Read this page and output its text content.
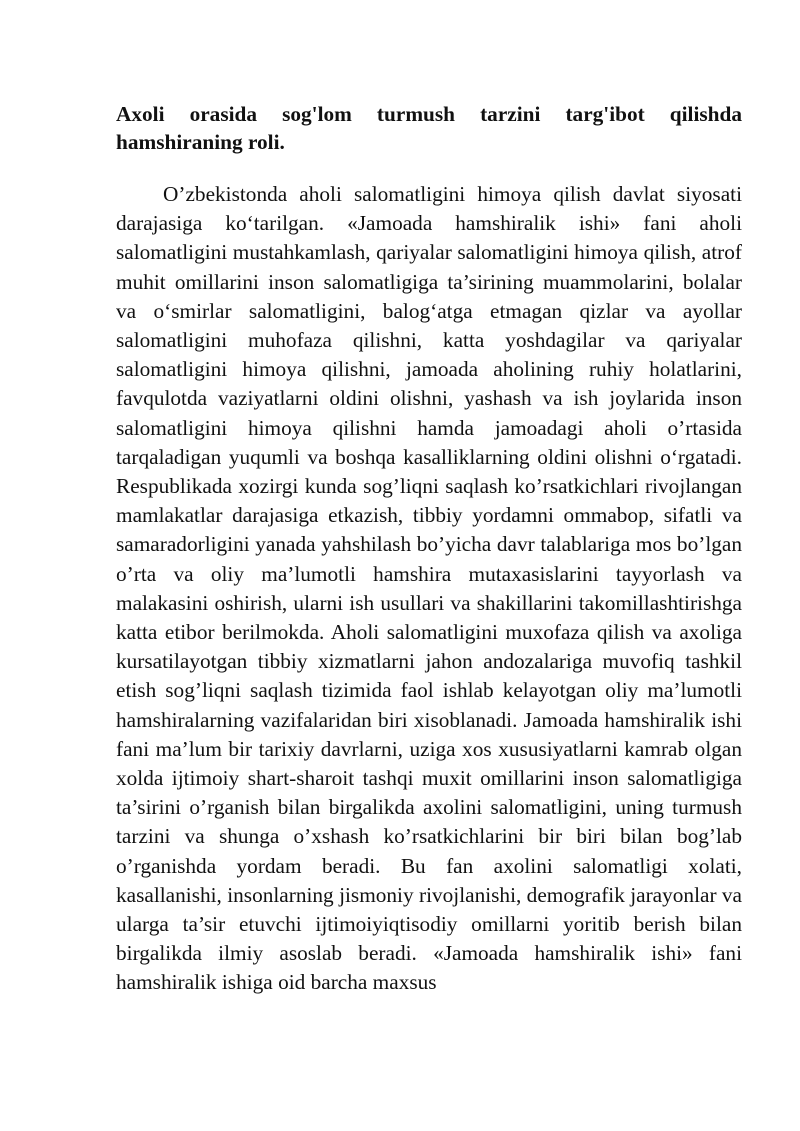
Axoli orasida sog'lom turmush tarzini targ'ibot qilishda hamshiraning roli.

O’zbekistonda aholi salomatligini himoya qilish davlat siyosati darajasiga ko‘tarilgan. «Jamoada hamshiralik ishi» fani aholi salomatligini mustahkamlash, qariyalar salomatligini himoya qilish, atrof muhit omillarini inson salomatligiga ta’sirining muammolarini, bolalar va o‘smirlar salomatligini, balog‘atga etmagan qizlar va ayollar salomatligini muhofaza qilishni, katta yoshdagilar va qariyalar salomatligini himoya qilishni, jamoada aholining ruhiy holatlarini, favqulotda vaziyatlarni oldini olishni, yashash va ish joylarida inson salomatligini himoya qilishni hamda jamoadagi aholi o’rtasida tarqaladigan yuqumli va boshqa kasalliklarning oldini olishni o‘rgatadi. Respublikada xozirgi kunda sog’liqni saqlash ko’rsatkichlari rivojlangan mamlakatlar darajasiga etkazish, tibbiy yordamni ommabop, sifatli va samaradorligini yanada yahshilash bo’yicha davr talablariga mos bo’lgan o’rta va oliy ma’lumotli hamshira mutaxasislarini tayyorlash va malakasini oshirish, ularni ish usullari va shakillarini takomillashtirishga katta etibor berilmokda. Aholi salomatligini muxofaza qilish va axoliga kursatilayotgan tibbiy xizmatlarni jahon andozalariga muvofiq tashkil etish sog’liqni saqlash tizimida faol ishlab kelayotgan oliy ma’lumotli hamshiralarning vazifalaridan biri xisoblanadi. Jamoada hamshiralik ishi fani ma’lum bir tarixiy davrlarni, uziga xos xususiyatlarni kamrab olgan xolda ijtimoiy shart-sharoit tashqi muxit omillarini inson salomatligiga ta’sirini o’rganish bilan birgalikda axolini salomatligini, uning turmush tarzini va shunga o’xshash ko’rsatkichlarini bir biri bilan bog’lab o’rganishda yordam beradi. Bu fan axolini salomatligi xolati, kasallanishi, insonlarning jismoniy rivojlanishi, demografik jarayonlar va ularga ta’sir etuvchi ijtimoiyiqtisodiy omillarni yoritib berish bilan birgalikda ilmiy asoslab beradi. «Jamoada hamshiralik ishi» fani hamshiralik ishiga oid barcha maxsus
